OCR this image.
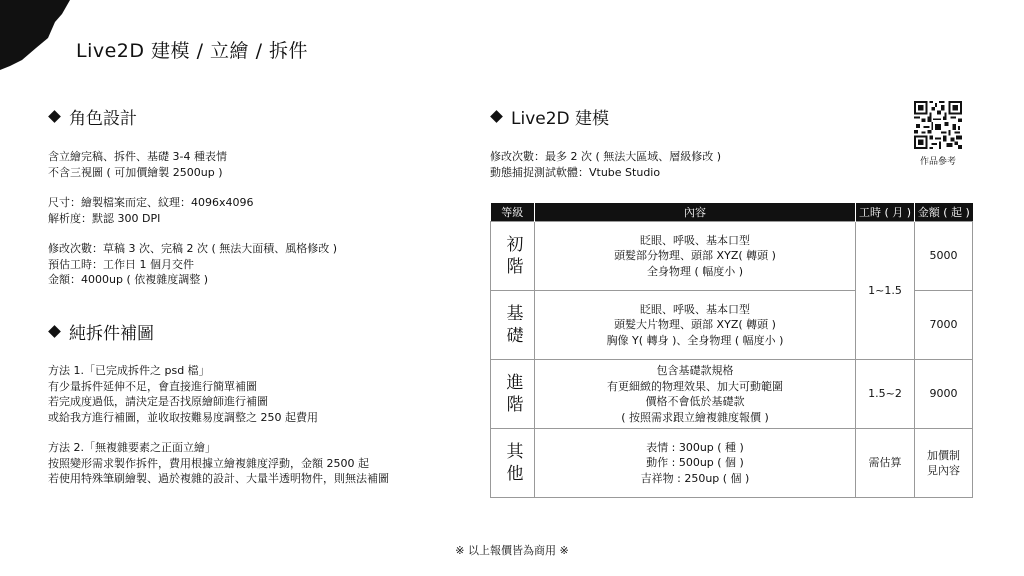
Live2D 建模 / 立繪 / 拆件
角色設計
含立繪完稿、拆件、基礎 3-4 種表情
不含三視圖 ( 可加價繪製 2500up )
尺寸：繪製檔案而定、紋理：4096x4096
解析度：默認 300 DPI
修改次數：草稿 3 次、完稿 2 次 ( 無法大面積、風格修改 )
預估工時：工作日 1 個月交件
金額：4000up ( 依複雜度調整 )
純拆件補圖
方法 1.「已完成拆件之 psd 檔」
有少量拆件延伸不足，會直接進行簡單補圖
若完成度過低，請決定是否找原繪師進行補圖
或給我方進行補圖，並收取按難易度調整之 250 起費用
方法 2.「無複雜要素之正面立繪」
按照變形需求製作拆件，費用根據立繪複雜度浮動，金額 2500 起
若使用特殊筆刷繪製、過於複雜的設計、大量半透明物件，則無法補圖
Live2D 建模
修改次數：最多 2 次 ( 無法大區域、層級修改 )
動態捕捉測試軟體：Vtube Studio
作品參考
等級	內容	工時 ( 月 )	金額 ( 起 )

初階	眨眼、呼吸、基本口型
頭髮部分物理、頭部 XYZ( 轉頭 )
全身物理 ( 幅度小 )	1~1.5	5000

基礎	眨眼、呼吸、基本口型
頭髮大片物理、頭部 XYZ( 轉頭 )
胸像 Y( 轉身 )、全身物理 ( 幅度小 )		7000

進階	包含基礎款規格
有更細緻的物理效果、加大可動範圍
價格不會低於基礎款
( 按照需求跟立繪複雜度報價 )	1.5~2	9000

其他	表情 : 300up ( 種 )
動作 : 500up ( 個 )
吉祥物 : 250up ( 個 )	需估算	加價制
見內容
※ 以上報價皆為商用 ※
